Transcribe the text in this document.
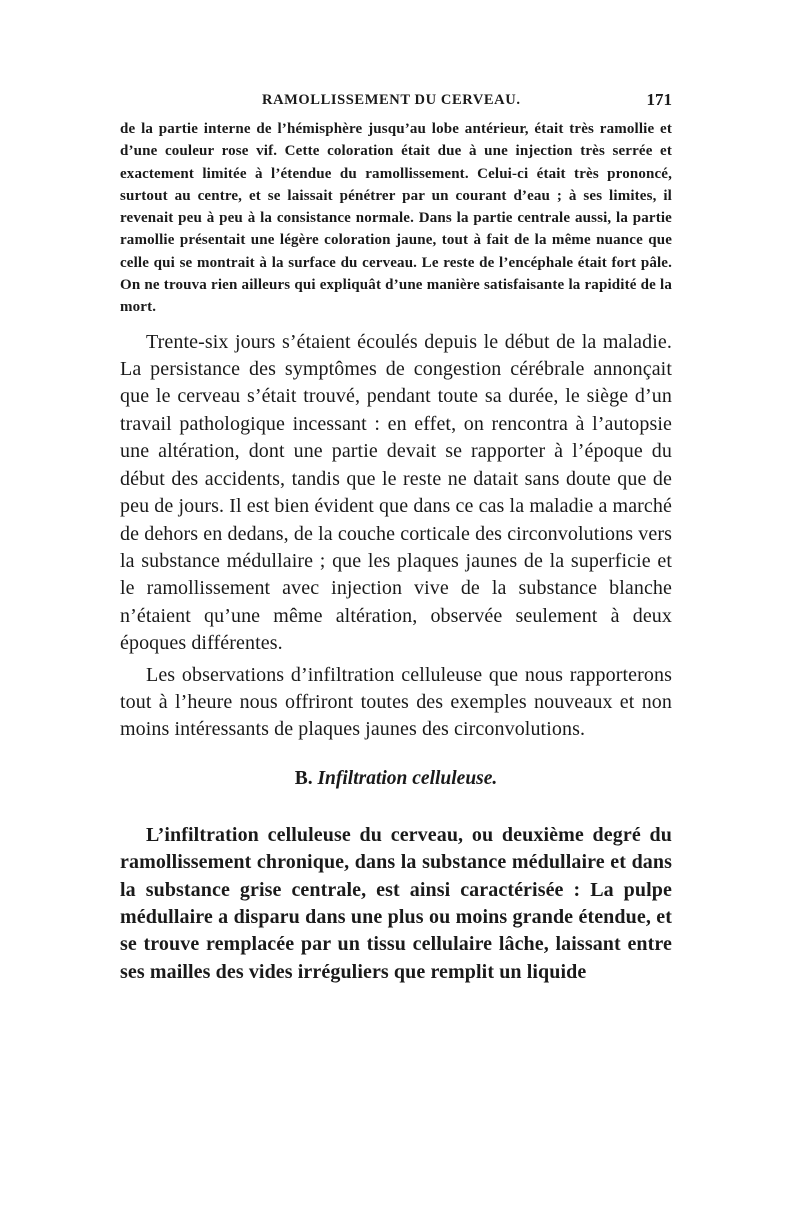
RAMOLLISSEMENT DU CERVEAU.	171

de la partie interne de l’hémisphère jusqu’au lobe antérieur, était très ramollie et d’une couleur rose vif. Cette coloration était due à une injection très serrée et exactement limitée à l’étendue du ramollissement. Celui-ci était très prononcé, surtout au centre, et se laissait pénétrer par un courant d’eau ; à ses limites, il revenait peu à peu à la consistance normale. Dans la partie centrale aussi, la partie ramollie présentait une légère coloration jaune, tout à fait de la même nuance que celle qui se montrait à la surface du cerveau. Le reste de l’encéphale était fort pâle. On ne trouva rien ailleurs qui expliquât d’une manière satisfaisante la rapidité de la mort.

Trente-six jours s’étaient écoulés depuis le début de la maladie. La persistance des symptômes de congestion cérébrale annonçait que le cerveau s’était trouvé, pendant toute sa durée, le siège d’un travail pathologique incessant : en effet, on rencontra à l’autopsie une altération, dont une partie devait se rapporter à l’époque du début des accidents, tandis que le reste ne datait sans doute que de peu de jours. Il est bien évident que dans ce cas la maladie a marché de dehors en dedans, de la couche corticale des circonvolutions vers la substance médullaire ; que les plaques jaunes de la superficie et le ramollissement avec injection vive de la substance blanche n’étaient qu’une même altération, observée seulement à deux époques différentes.

Les observations d’infiltration celluleuse que nous rapporterons tout à l’heure nous offriront toutes des exemples nouveaux et non moins intéressants de plaques jaunes des circonvolutions.

B. Infiltration celluleuse.

L’infiltration celluleuse du cerveau, ou deuxième degré du ramollissement chronique, dans la substance médullaire et dans la substance grise centrale, est ainsi caractérisée : La pulpe médullaire a disparu dans une plus ou moins grande étendue, et se trouve remplacée par un tissu cellulaire lâche, laissant entre ses mailles des vides irréguliers que remplit un liquide
